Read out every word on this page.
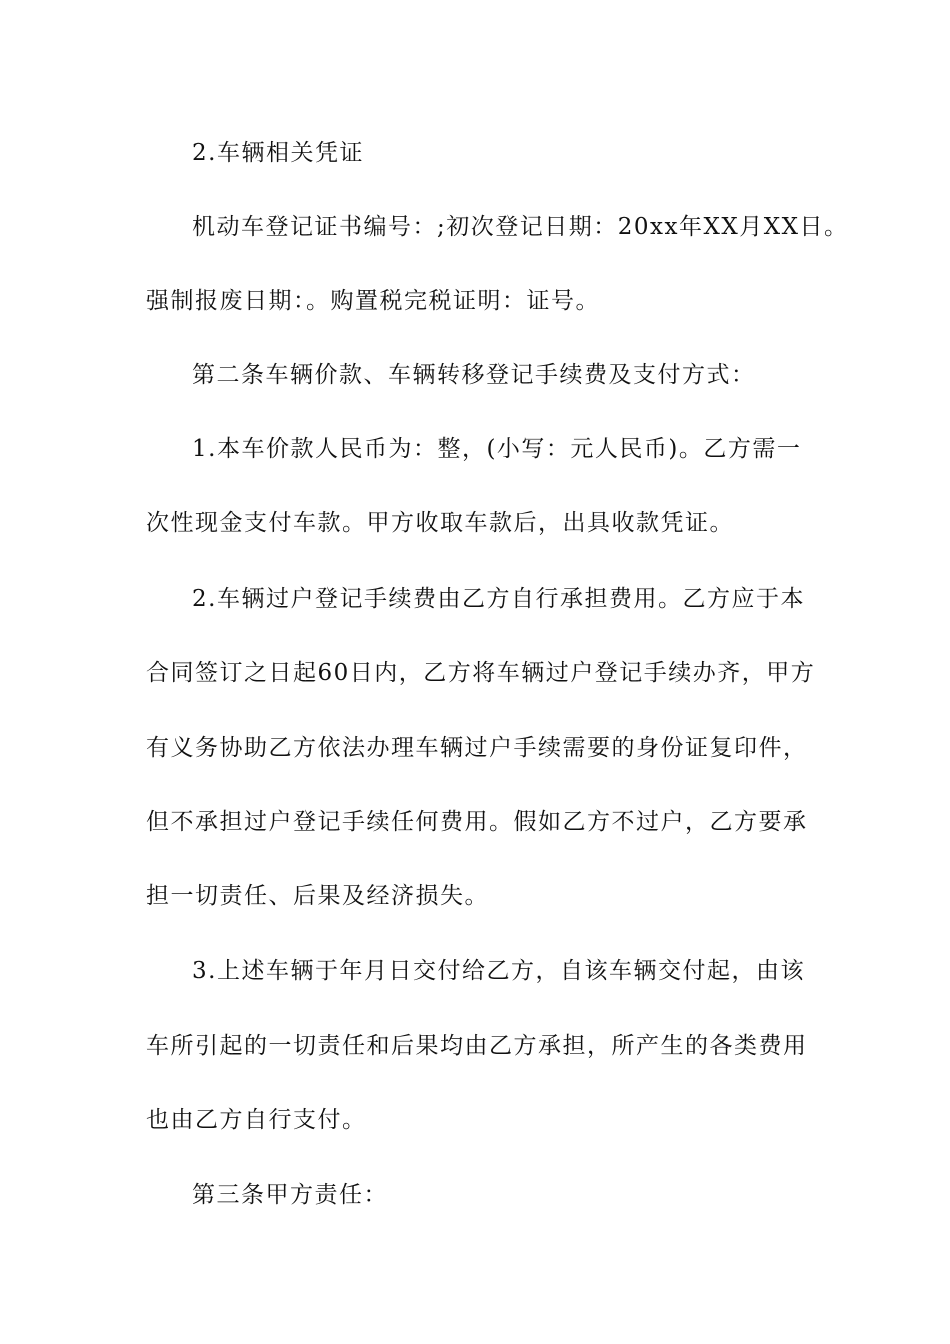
2.车辆相关凭证
机动车登记证书编号：;初次登记日期：20xx年XX月XX日。
强制报废日期：。购置税完税证明：证号。
第二条车辆价款、车辆转移登记手续费及支付方式：
1.本车价款人民币为：整，(小写：元人民币)。乙方需一
次性现金支付车款。甲方收取车款后，出具收款凭证。
2.车辆过户登记手续费由乙方自行承担费用。乙方应于本
合同签订之日起60日内，乙方将车辆过户登记手续办齐，甲方
有义务协助乙方依法办理车辆过户手续需要的身份证复印件，
但不承担过户登记手续任何费用。假如乙方不过户，乙方要承
担一切责任、后果及经济损失。
3.上述车辆于年月日交付给乙方，自该车辆交付起，由该
车所引起的一切责任和后果均由乙方承担，所产生的各类费用
也由乙方自行支付。
第三条甲方责任：
